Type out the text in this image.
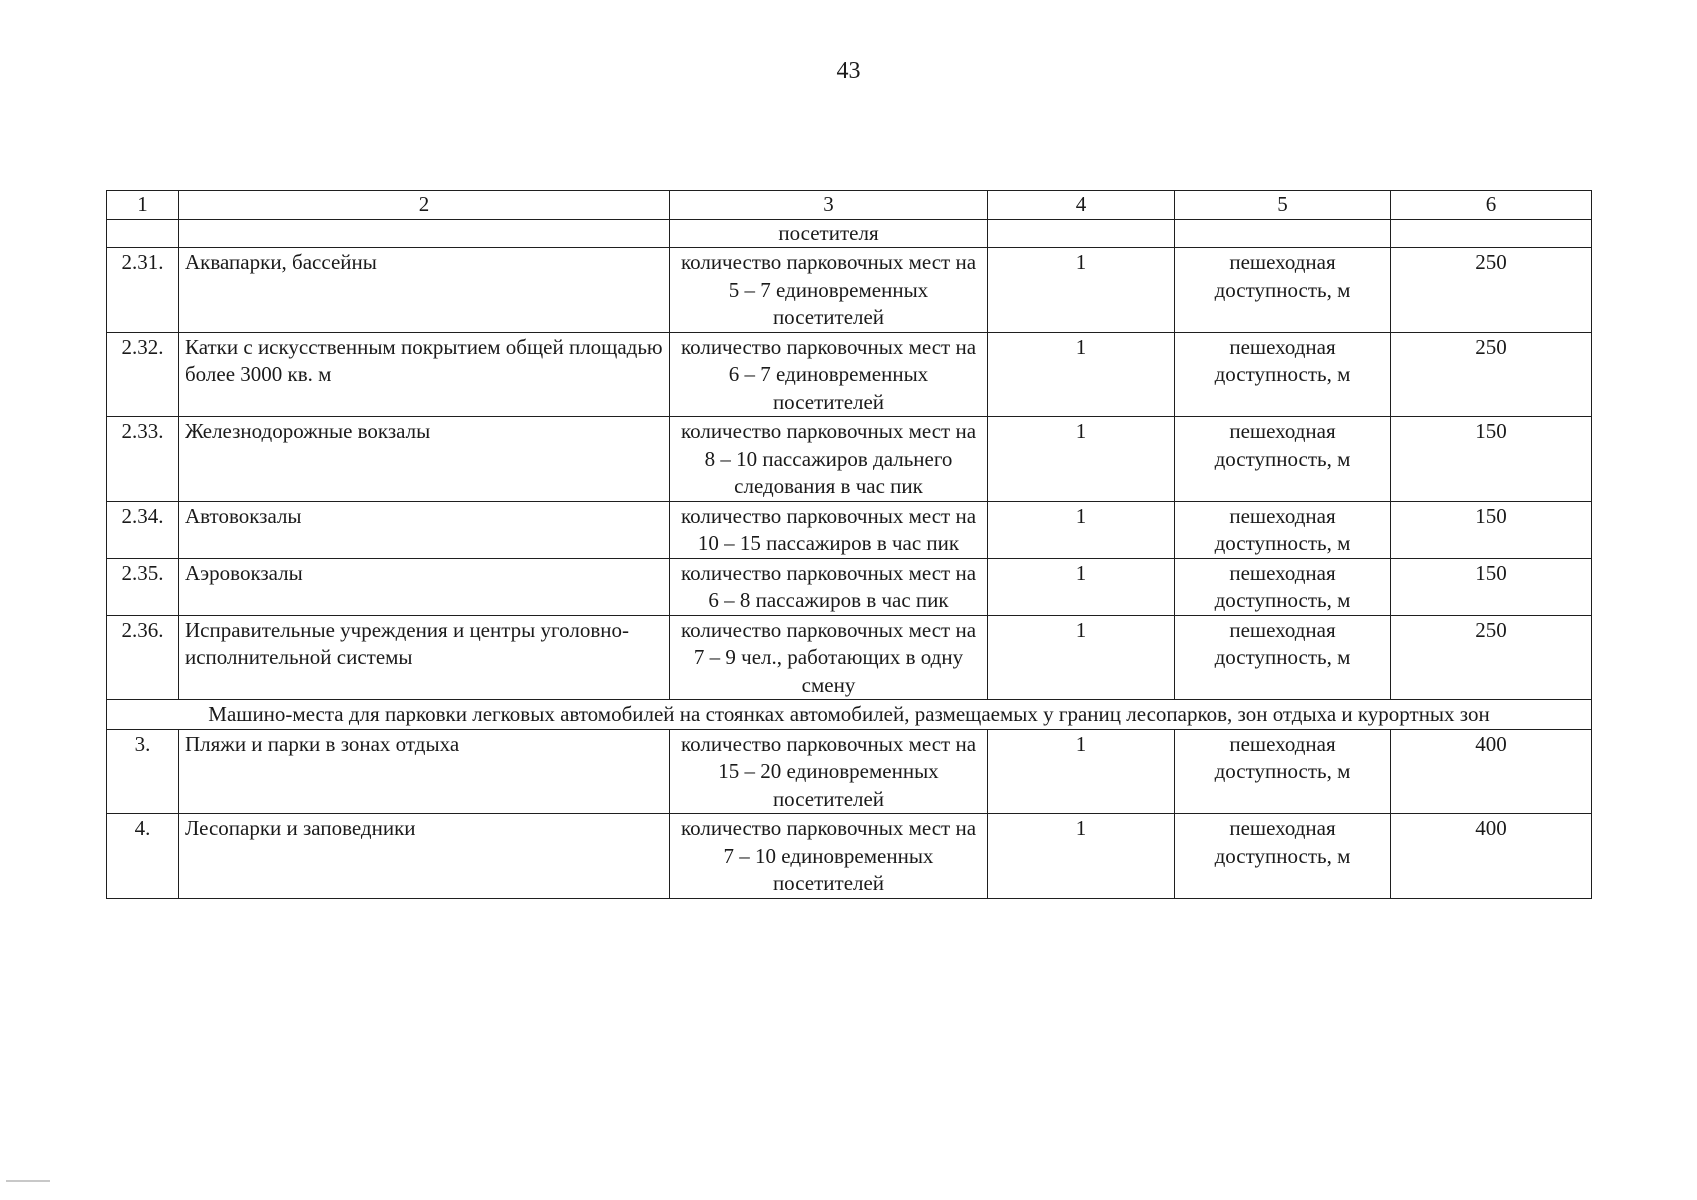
43
1	2	3	4	5	6
		посетителя			
2.31.	Аквапарки, бассейны	количество парковочных мест на 5 – 7 единовременных посетителей	1	пешеходная доступность, м	250
2.32.	Катки с искусственным покрытием общей площадью более 3000 кв. м	количество парковочных мест на 6 – 7 единовременных посетителей	1	пешеходная доступность, м	250
2.33.	Железнодорожные вокзалы	количество парковочных мест на 8 – 10 пассажиров дальнего следования в час пик	1	пешеходная доступность, м	150
2.34.	Автовокзалы	количество парковочных мест на 10 – 15 пассажиров в час пик	1	пешеходная доступность, м	150
2.35.	Аэровокзалы	количество парковочных мест на 6 – 8 пассажиров в час пик	1	пешеходная доступность, м	150
2.36.	Исправительные учреждения и центры уголовно-исполнительной системы	количество парковочных мест на 7 – 9 чел., работающих в одну смену	1	пешеходная доступность, м	250
Машино-места для парковки легковых автомобилей на стоянках автомобилей, размещаемых у границ лесопарков, зон отдыха и курортных зон					
3.	Пляжи и парки в зонах отдыха	количество парковочных мест на 15 – 20 единовременных посетителей	1	пешеходная доступность, м	400
4.	Лесопарки и заповедники	количество парковочных мест на 7 – 10 единовременных посетителей	1	пешеходная доступность, м	400
